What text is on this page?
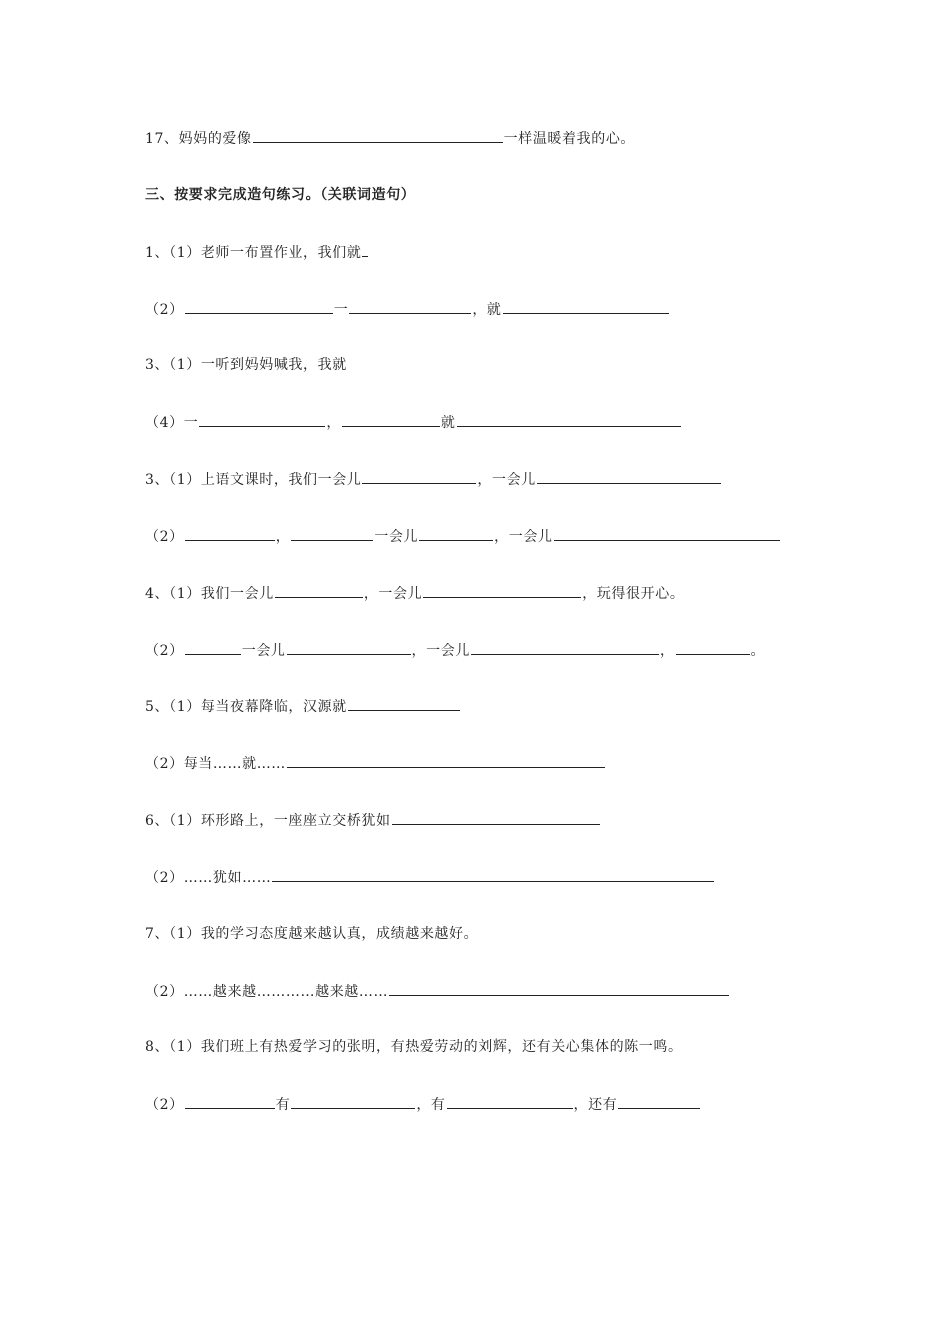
17、妈妈的爱像	一样温暖着我的心。
三、按要求完成造句练习。（关联词造句）
1、（1）老师一布置作业，我们就
（2）	一	，就
3、（1）一听到妈妈喊我，我就
（4）一	，	就
3、（1）上语文课时，我们一会儿	，一会儿
（2）	，	一会儿	，一会儿
4、（1）我们一会儿	，一会儿	，玩得很开心。
（2）	一会儿	，一会儿	，	。
5、（1）每当夜幕降临，汉源就
（2）每当……就……
6、（1）环形路上，一座座立交桥犹如
（2）……犹如……
7、（1）我的学习态度越来越认真，成绩越来越好。
（2）……越来越…………越来越……
8、（1）我们班上有热爱学习的张明，有热爱劳动的刘辉，还有关心集体的陈一鸣。
（2）	有	，有	，还有
